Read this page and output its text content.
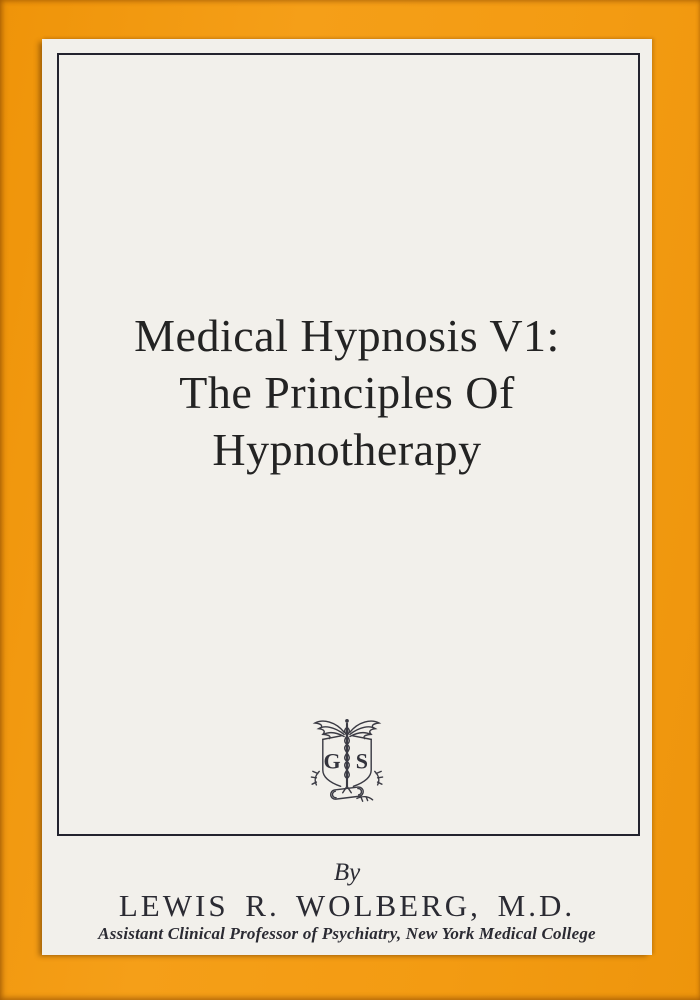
Medical Hypnosis V1:
The Principles Of
Hypnotherapy
G S
By
LEWIS R. WOLBERG, M.D.
Assistant Clinical Professor of Psychiatry, New York Medical College
